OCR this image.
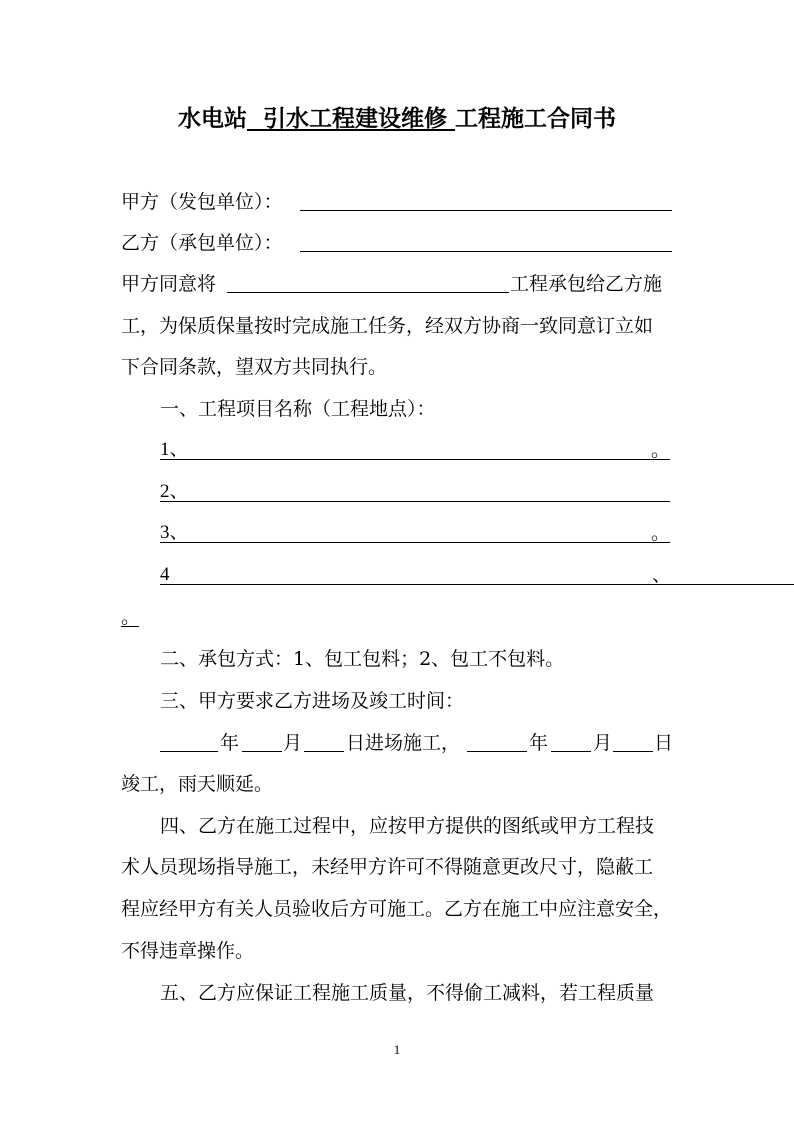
水电站  引水工程建设维修 工程施工合同书
甲方（发包单位）：
乙方（承包单位）：
甲方同意将	工程承包给乙方施
工，为保质保量按时完成施工任务，经双方协商一致同意订立如
下合同条款，望双方共同执行。
一、工程项目名称（工程地点）：
1、	。
2、
3、	。
4	、
。
二、承包方式：1、包工包料；2、包工不包料。
三、甲方要求乙方进场及竣工时间：
年 月 日进场施工，	年 月 日
竣工，雨天顺延。
四、乙方在施工过程中，应按甲方提供的图纸或甲方工程技
术人员现场指导施工，未经甲方许可不得随意更改尺寸，隐蔽工
程应经甲方有关人员验收后方可施工。乙方在施工中应注意安全，
不得违章操作。
五、乙方应保证工程施工质量，不得偷工减料，若工程质量
1
